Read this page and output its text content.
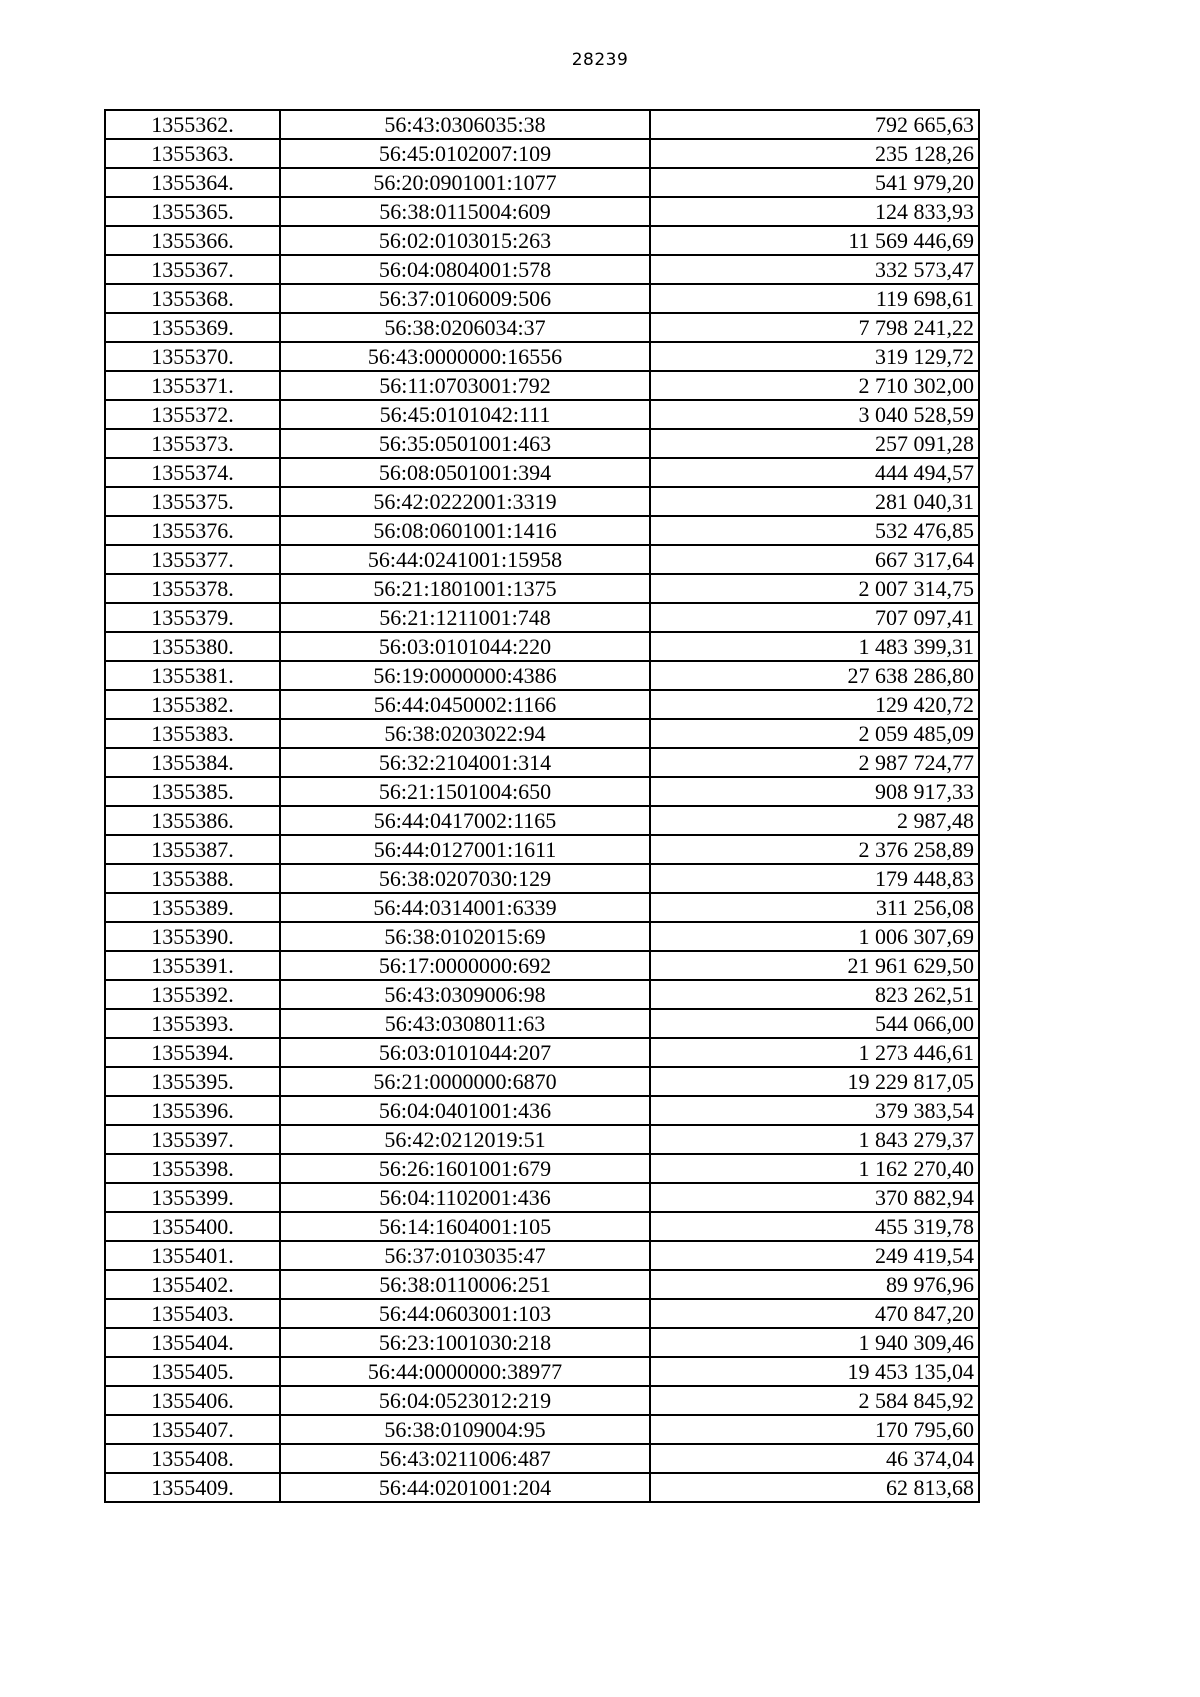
28239
1355362.	56:43:0306035:38	792 665,63
1355363.	56:45:0102007:109	235 128,26
1355364.	56:20:0901001:1077	541 979,20
1355365.	56:38:0115004:609	124 833,93
1355366.	56:02:0103015:263	11 569 446,69
1355367.	56:04:0804001:578	332 573,47
1355368.	56:37:0106009:506	119 698,61
1355369.	56:38:0206034:37	7 798 241,22
1355370.	56:43:0000000:16556	319 129,72
1355371.	56:11:0703001:792	2 710 302,00
1355372.	56:45:0101042:111	3 040 528,59
1355373.	56:35:0501001:463	257 091,28
1355374.	56:08:0501001:394	444 494,57
1355375.	56:42:0222001:3319	281 040,31
1355376.	56:08:0601001:1416	532 476,85
1355377.	56:44:0241001:15958	667 317,64
1355378.	56:21:1801001:1375	2 007 314,75
1355379.	56:21:1211001:748	707 097,41
1355380.	56:03:0101044:220	1 483 399,31
1355381.	56:19:0000000:4386	27 638 286,80
1355382.	56:44:0450002:1166	129 420,72
1355383.	56:38:0203022:94	2 059 485,09
1355384.	56:32:2104001:314	2 987 724,77
1355385.	56:21:1501004:650	908 917,33
1355386.	56:44:0417002:1165	2 987,48
1355387.	56:44:0127001:1611	2 376 258,89
1355388.	56:38:0207030:129	179 448,83
1355389.	56:44:0314001:6339	311 256,08
1355390.	56:38:0102015:69	1 006 307,69
1355391.	56:17:0000000:692	21 961 629,50
1355392.	56:43:0309006:98	823 262,51
1355393.	56:43:0308011:63	544 066,00
1355394.	56:03:0101044:207	1 273 446,61
1355395.	56:21:0000000:6870	19 229 817,05
1355396.	56:04:0401001:436	379 383,54
1355397.	56:42:0212019:51	1 843 279,37
1355398.	56:26:1601001:679	1 162 270,40
1355399.	56:04:1102001:436	370 882,94
1355400.	56:14:1604001:105	455 319,78
1355401.	56:37:0103035:47	249 419,54
1355402.	56:38:0110006:251	89 976,96
1355403.	56:44:0603001:103	470 847,20
1355404.	56:23:1001030:218	1 940 309,46
1355405.	56:44:0000000:38977	19 453 135,04
1355406.	56:04:0523012:219	2 584 845,92
1355407.	56:38:0109004:95	170 795,60
1355408.	56:43:0211006:487	46 374,04
1355409.	56:44:0201001:204	62 813,68
